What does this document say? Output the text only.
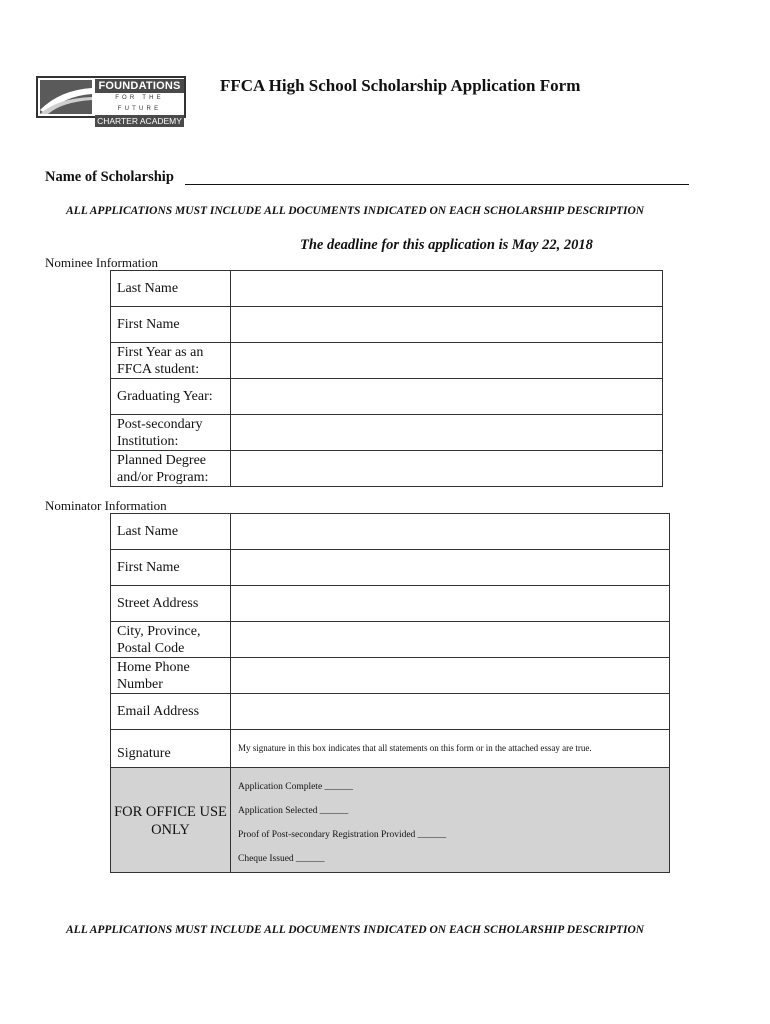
FOUNDATIONS
FOR THE FUTURE
CHARTER ACADEMY
FFCA High School Scholarship Application Form
Name of Scholarship
ALL APPLICATIONS MUST INCLUDE ALL DOCUMENTS INDICATED ON EACH SCHOLARSHIP DESCRIPTION
The deadline for this application is May 22, 2018
Nominee Information
Last Name	
First Name	
First Year as an FFCA student:	
Graduating Year:	
Post-secondary Institution:	
Planned Degree and/or Program:	
Nominator Information
Last Name	
First Name	
Street Address	
City, Province, Postal Code	
Home Phone Number	
Email Address	
Signature	My signature in this box indicates that all statements on this form or in the attached essay are true.
FOR OFFICE USE ONLY	Application Complete ______
Application Selected ______
Proof of Post-secondary Registration Provided ______
Cheque Issued ______
ALL APPLICATIONS MUST INCLUDE ALL DOCUMENTS INDICATED ON EACH SCHOLARSHIP DESCRIPTION
